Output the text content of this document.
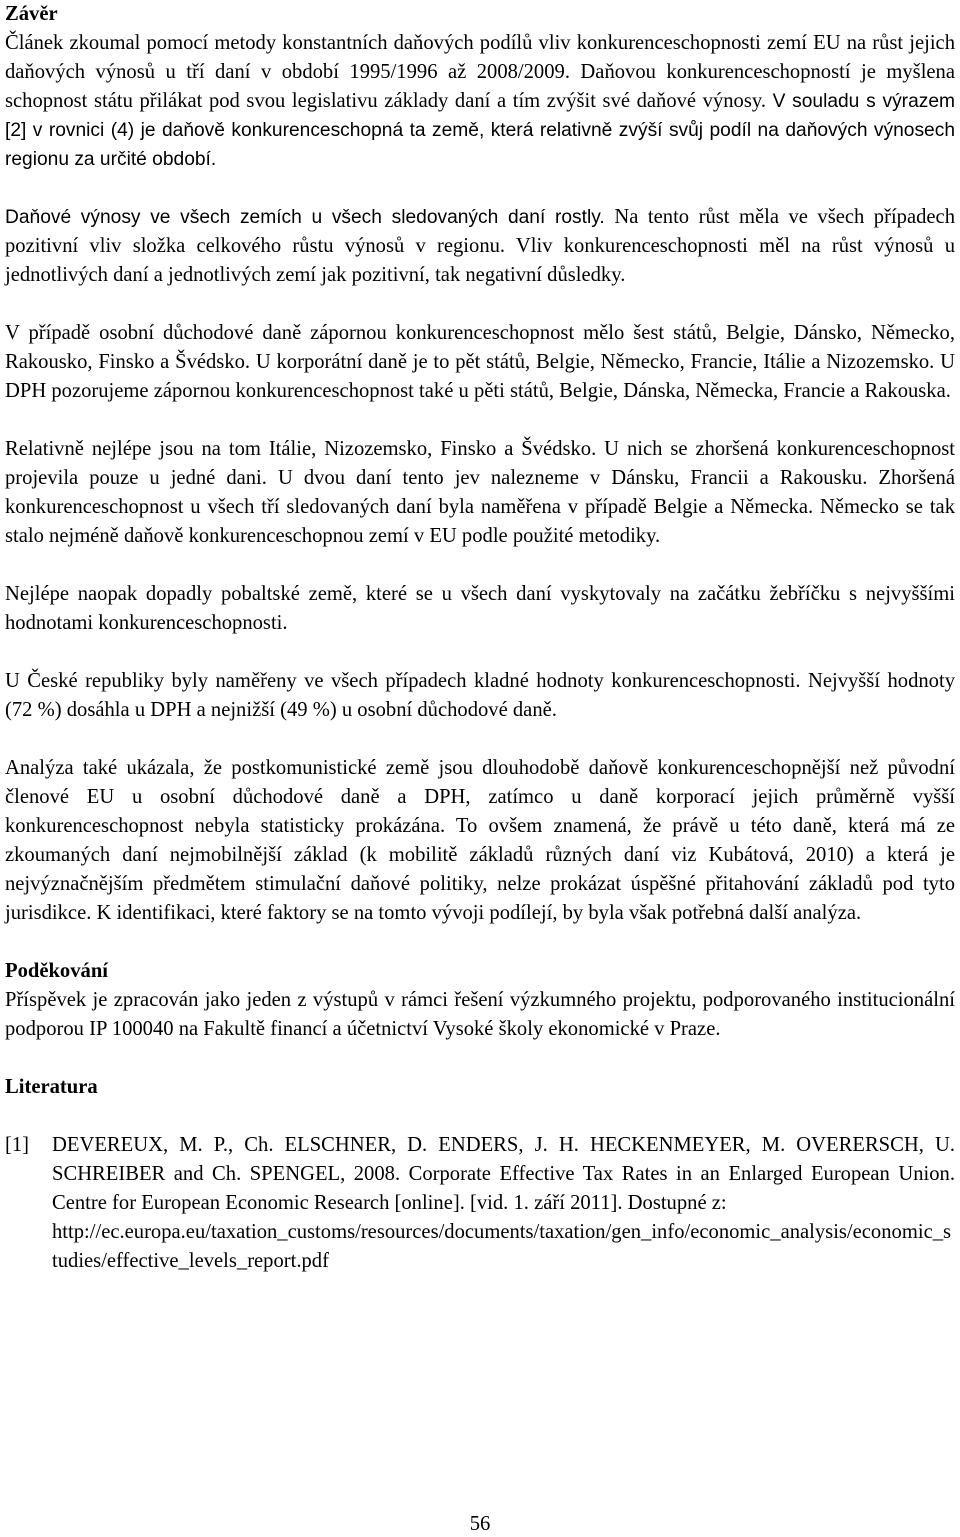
Závěr

Článek zkoumal pomocí metody konstantních daňových podílů vliv konkurenceschopnosti zemí EU na růst jejich daňových výnosů u tří daní v období 1995/1996 až 2008/2009. Daňovou konkurenceschopností je myšlena schopnost státu přilákat pod svou legislativu základy daní a tím zvýšit své daňové výnosy. V souladu s výrazem [2] v rovnici (4) je daňově konkurenceschopná ta země, která relativně zvýší svůj podíl na daňových výnosech regionu za určité období.

Daňové výnosy ve všech zemích u všech sledovaných daní rostly. Na tento růst měla ve všech případech pozitivní vliv složka celkového růstu výnosů v regionu. Vliv konkurenceschopnosti měl na růst výnosů u jednotlivých daní a jednotlivých zemí jak pozitivní, tak negativní důsledky.

V případě osobní důchodové daně zápornou konkurenceschopnost mělo šest států, Belgie, Dánsko, Německo, Rakousko, Finsko a Švédsko. U korporátní daně je to pět států, Belgie, Německo, Francie, Itálie a Nizozemsko. U DPH pozorujeme zápornou konkurenceschopnost také u pěti států, Belgie, Dánska, Německa, Francie a Rakouska.

Relativně nejlépe jsou na tom Itálie, Nizozemsko, Finsko a Švédsko. U nich se zhoršená konkurenceschopnost projevila pouze u jedné dani. U dvou daní tento jev nalezneme v Dánsku, Francii a Rakousku. Zhoršená konkurenceschopnost u všech tří sledovaných daní byla naměřena v případě Belgie a Německa. Německo se tak stalo nejméně daňově konkurenceschopnou zemí v EU podle použité metodiky.

Nejlépe naopak dopadly pobaltské země, které se u všech daní vyskytovaly na začátku žebříčku s nejvyššími hodnotami konkurenceschopnosti.

U České republiky byly naměřeny ve všech případech kladné hodnoty konkurenceschopnosti. Nejvyšší hodnoty (72 %) dosáhla u DPH a nejnižší (49 %) u osobní důchodové daně.

Analýza také ukázala, že postkomunistické země jsou dlouhodobě daňově konkurenceschopnější než původní členové EU u osobní důchodové daně a DPH, zatímco u daně korporací jejich průměrně vyšší konkurenceschopnost nebyla statisticky prokázána. To ovšem znamená, že právě u této daně, která má ze zkoumaných daní nejmobilnější základ (k mobilitě základů různých daní viz Kubátová, 2010) a která je nejvýznačnějším předmětem stimulační daňové politiky, nelze prokázat úspěšné přitahování základů pod tyto jurisdikce. K identifikaci, které faktory se na tomto vývoji podílejí, by byla však potřebná další analýza.

Poděkování

Příspěvek je zpracován jako jeden z výstupů v rámci řešení výzkumného projektu, podporovaného institucionální podporou IP 100040 na Fakultě financí a účetnictví Vysoké školy ekonomické v Praze.

Literatura
[1]	DEVEREUX, M. P., Ch. ELSCHNER, D. ENDERS, J. H. HECKENMEYER, M. OVERERSCH, U. SCHREIBER and Ch. SPENGEL, 2008. Corporate Effective Tax Rates in an Enlarged European Union. Centre for European Economic Research [online]. [vid. 1. září 2011]. Dostupné z:
http://ec.europa.eu/taxation_customs/resources/documents/taxation/gen_info/economic_analysis/economic_studies/effective_levels_report.pdf
56
